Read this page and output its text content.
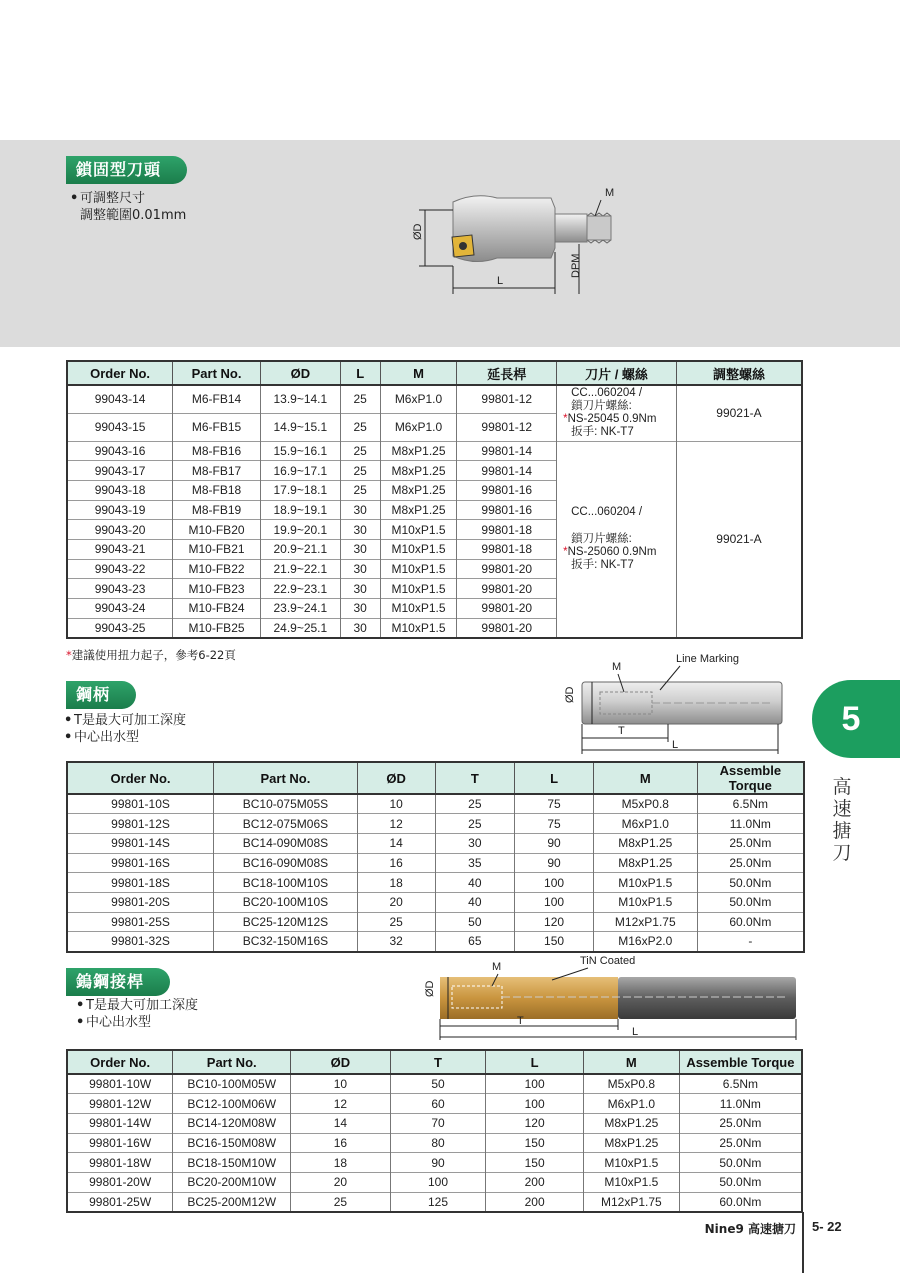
鎖固型刀頭
• 可調整尺寸
調整範圍0.01mm
ØD
L
M
DPM
Order No.	Part No.	ØD	L	M	延長桿	刀片 / 螺絲	調整螺絲
99043-14	M6-FB14	13.9~14.1	25	M6xP1.0	99801-12	CC...060204 /
鎖刀片螺絲:
*NS-25045 0.9Nm
扳手: NK-T7	99021-A
99043-15	M6-FB15	14.9~15.1	25	M6xP1.0	99801-12		
99043-16	M8-FB16	15.9~16.1	25	M8xP1.25	99801-14	CC...060204 /
鎖刀片螺絲:
*NS-25060 0.9Nm
扳手: NK-T7	99021-A
99043-17	M8-FB17	16.9~17.1	25	M8xP1.25	99801-14		
99043-18	M8-FB18	17.9~18.1	25	M8xP1.25	99801-16		
99043-19	M8-FB19	18.9~19.1	30	M8xP1.25	99801-16		
99043-20	M10-FB20	19.9~20.1	30	M10xP1.5	99801-18		
99043-21	M10-FB21	20.9~21.1	30	M10xP1.5	99801-18		
99043-22	M10-FB22	21.9~22.1	30	M10xP1.5	99801-20		
99043-23	M10-FB23	22.9~23.1	30	M10xP1.5	99801-20		
99043-24	M10-FB24	23.9~24.1	30	M10xP1.5	99801-20		
99043-25	M10-FB25	24.9~25.1	30	M10xP1.5	99801-20		
*建議使用扭力起子，參考6-22頁
鋼柄
• T是最大可加工深度
• 中心出水型
ØD
M
Line Marking
T
L
Order No.	Part No.	ØD	T	L	M	Assemble Torque
99801-10S	BC10-075M05S	10	25	75	M5xP0.8	6.5Nm
99801-12S	BC12-075M06S	12	25	75	M6xP1.0	11.0Nm
99801-14S	BC14-090M08S	14	30	90	M8xP1.25	25.0Nm
99801-16S	BC16-090M08S	16	35	90	M8xP1.25	25.0Nm
99801-18S	BC18-100M10S	18	40	100	M10xP1.5	50.0Nm
99801-20S	BC20-100M10S	20	40	100	M10xP1.5	50.0Nm
99801-25S	BC25-120M12S	25	50	120	M12xP1.75	60.0Nm
99801-32S	BC32-150M16S	32	65	150	M16xP2.0	-
鎢鋼接桿
• T是最大可加工深度
• 中心出水型
ØD
M	TiN Coated
T
L
Order No.	Part No.	ØD	T	L	M	Assemble Torque
99801-10W	BC10-100M05W	10	50	100	M5xP0.8	6.5Nm
99801-12W	BC12-100M06W	12	60	100	M6xP1.0	11.0Nm
99801-14W	BC14-120M08W	14	70	120	M8xP1.25	25.0Nm
99801-16W	BC16-150M08W	16	80	150	M8xP1.25	25.0Nm
99801-18W	BC18-150M10W	18	90	150	M10xP1.5	50.0Nm
99801-20W	BC20-200M10W	20	100	200	M10xP1.5	50.0Nm
99801-25W	BC25-200M12W	25	125	200	M12xP1.75	60.0Nm
5
高
速
搪
刀
Nine9 高速搪刀 5- 22
